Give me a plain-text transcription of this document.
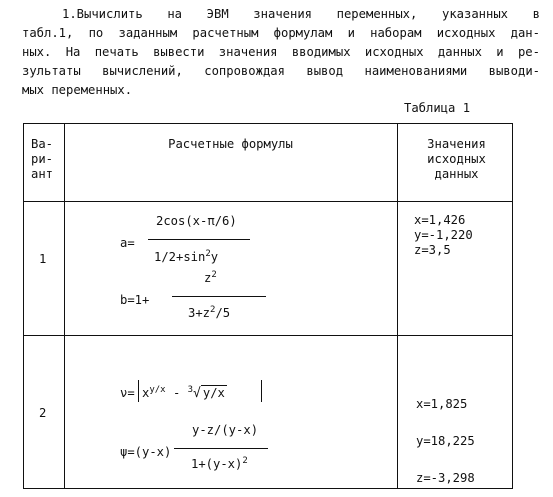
1.Вычислить на ЭВМ значения переменных, указанных в
табл.1, по заданным расчетным формулам и наборам исходных дан-
ных. На печать вывести значения вводимых исходных данных и ре-
зультаты вычислений, сопровождая вывод наименованиями выводи-
мых переменных.
Таблица 1
Ва-
ри-
ант
Расчетные формулы	Значения
исходных
данных
1
a=
2cos(x-π/6)
$1/2+\sin^2y$
$z^2$
b=1+
$3+z^2/5$
x=1,426
y=-1,220
z=3,5
2
$\nu= x^{y/x} - ^3√$ y/x
y-z/(y-x)
ψ=(y-x)
$1+(y-x)^2$
x=1,825
y=18,225
z=-3,298
